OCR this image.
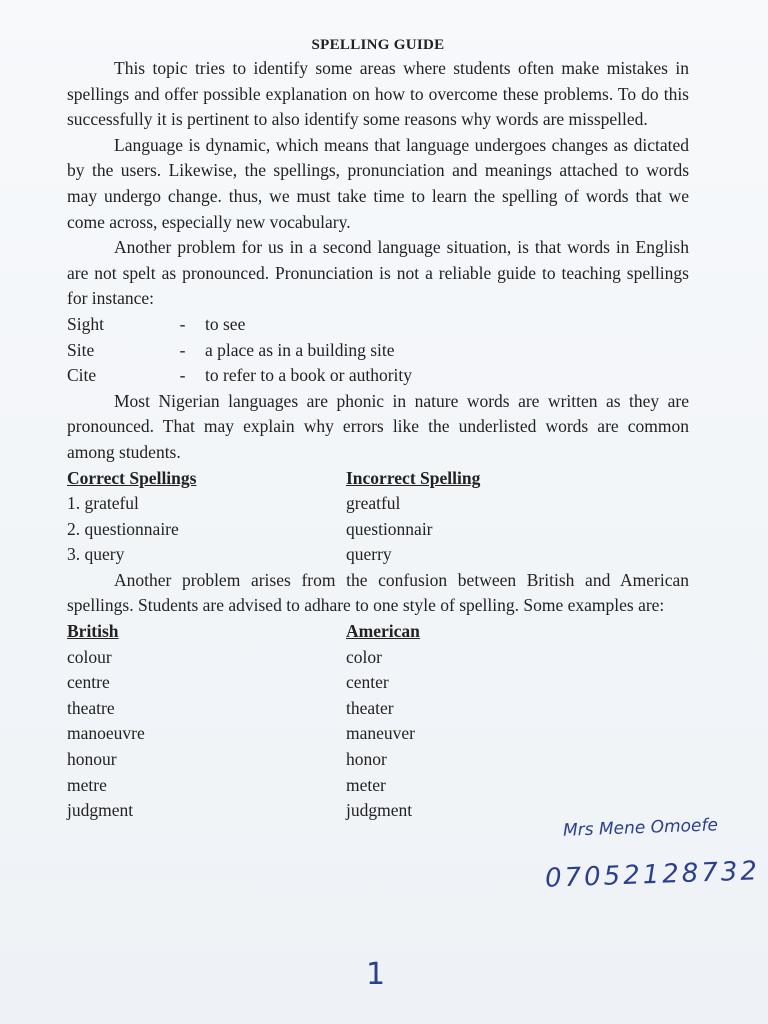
SPELLING GUIDE

This topic tries to identify some areas where students often make mistakes in spellings and offer possible explanation on how to overcome these problems. To do this successfully it is pertinent to also identify some reasons why words are misspelled.

Language is dynamic, which means that language undergoes changes as dictated by the users. Likewise, the spellings, pronunciation and meanings attached to words may undergo change. thus, we must take time to learn the spelling of words that we come across, especially new vocabulary.

Another problem for us in a second language situation, is that words in English are not spelt as pronounced. Pronunciation is not a reliable guide to teaching spellings for instance:

Sight	-	to see
Site	-	a place as in a building site
Cite	-	to refer to a book or authority

Most Nigerian languages are phonic in nature words are written as they are pronounced. That may explain why errors like the underlisted words are common among students.

Correct Spellings	Incorrect Spelling
1. grateful	greatful
2. questionnaire	questionnair
3. query	querry

Another problem arises from the confusion between British and American spellings. Students are advised to adhare to one style of spelling. Some examples are:

British	American
colour	color
centre	center
theatre	theater
manoeuvre	maneuver
honour	honor
metre	meter
judgment	judgment
Mrs Mene Omoefe
07052128732
1
